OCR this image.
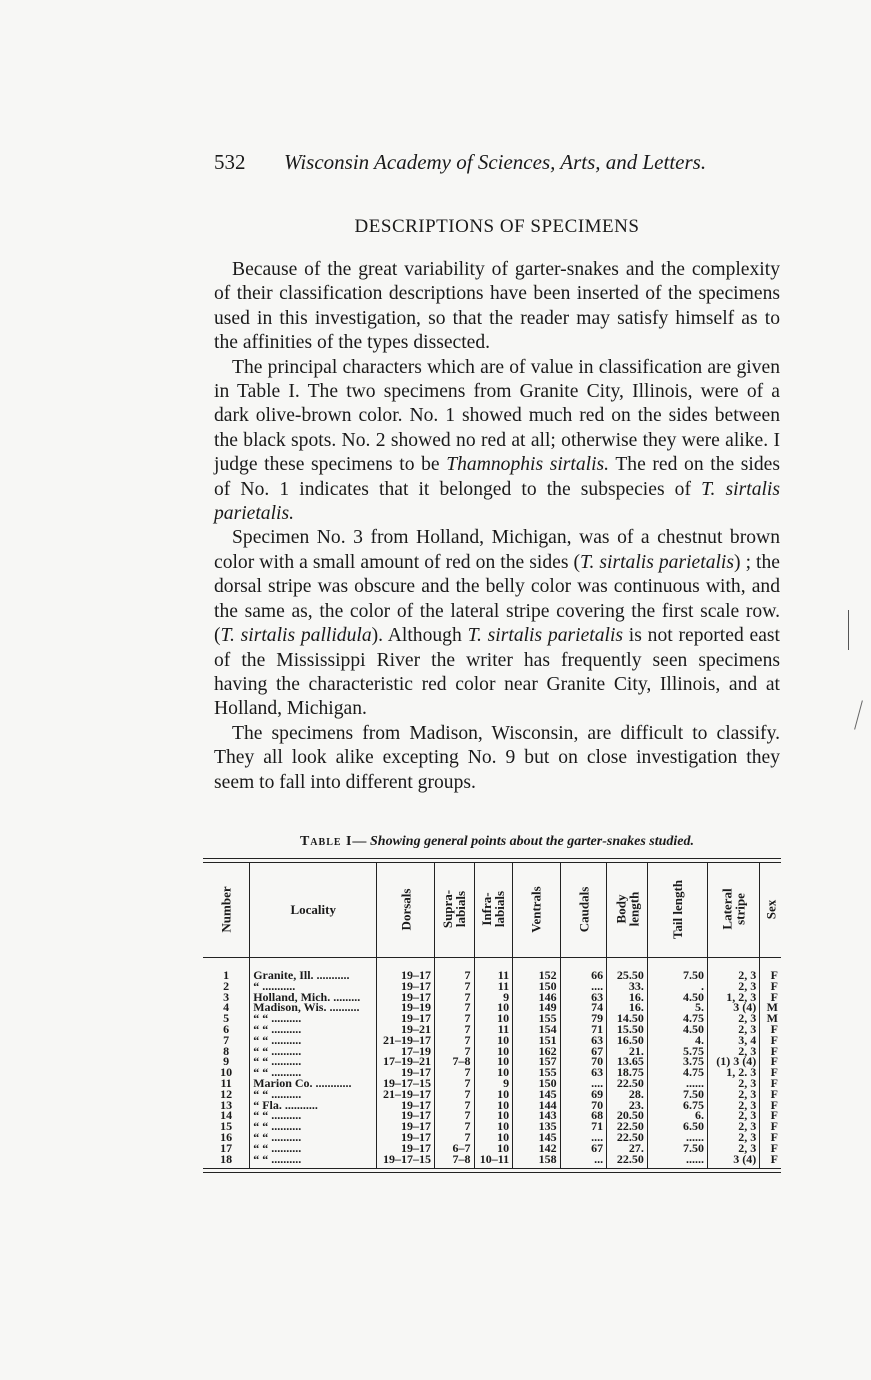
532 Wisconsin Academy of Sciences, Arts, and Letters.
DESCRIPTIONS OF SPECIMENS

Because of the great variability of garter-snakes and the complexity of their classification descriptions have been inserted of the specimens used in this investigation, so that the reader may satisfy himself as to the affinities of the types dissected.

The principal characters which are of value in classification are given in Table I. The two specimens from Granite City, Illinois, were of a dark olive-brown color. No. 1 showed much red on the sides between the black spots. No. 2 showed no red at all; otherwise they were alike. I judge these specimens to be Thamnophis sirtalis. The red on the sides of No. 1 indicates that it belonged to the subspecies of T. sirtalis parietalis.

Specimen No. 3 from Holland, Michigan, was of a chestnut brown color with a small amount of red on the sides (T. sirtalis parietalis) ; the dorsal stripe was obscure and the belly color was continuous with, and the same as, the color of the lateral stripe covering the first scale row. (T. sirtalis pallidula). Although T. sirtalis parietalis is not reported east of the Mississippi River the writer has frequently seen specimens having the characteristic red color near Granite City, Illinois, and at Holland, Michigan.

The specimens from Madison, Wisconsin, are difficult to classify. They all look alike excepting No. 9 but on close investigation they seem to fall into different groups.

Table I— Showing general points about the garter-snakes studied.
Number	Locality	Dorsals	Supra-
labials	Infra-
labials	Ventrals	Caudals	Body
length	Tail length	Lateral
stripe	Sex
1	Granite, Ill. ...........	19–17	7	11	152	66	25.50	7.50	2, 3	F
2	“ ...........	19–17	7	11	150	....	33.	.	2, 3	F
3	Holland, Mich. .........	19–17	7	9	146	63	16.	4.50	1, 2, 3	F
4	Madison, Wis. ..........	19–19	7	10	149	74	16.	5.	3 (4)	M
5	“ “ ..........	19–17	7	10	155	79	14.50	4.75	2, 3	M
6	“ “ ..........	19–21	7	11	154	71	15.50	4.50	2, 3	F
7	“ “ ..........	21–19–17	7	10	151	63	16.50	4.	3, 4	F
8	“ “ ..........	17–19	7	10	162	67	21.	5.75	2, 3	F
9	“ “ ..........	17–19–21	7–8	10	157	70	13.65	3.75	(1) 3 (4)	F
10	“ “ ..........	19–17	7	10	155	63	18.75	4.75	1, 2. 3	F
11	Marion Co. ............	19–17–15	7	9	150	....	22.50	......	2, 3	F
12	“ “ ..........	21–19–17	7	10	145	69	28.	7.50	2, 3	F
13	“ Fla. ...........	19–17	7	10	144	70	23.	6.75	2, 3	F
14	“ “ ..........	19–17	7	10	143	68	20.50	6.	2, 3	F
15	“ “ ..........	19–17	7	10	135	71	22.50	6.50	2, 3	F
16	“ “ ..........	19–17	7	10	145	....	22.50	......	2, 3	F
17	“ “ ..........	19–17	6–7	10	142	67	27.	7.50	2, 3	F
18	“ “ ..........	19–17–15	7–8	10–11	158	...	22.50	......	3 (4)	F
